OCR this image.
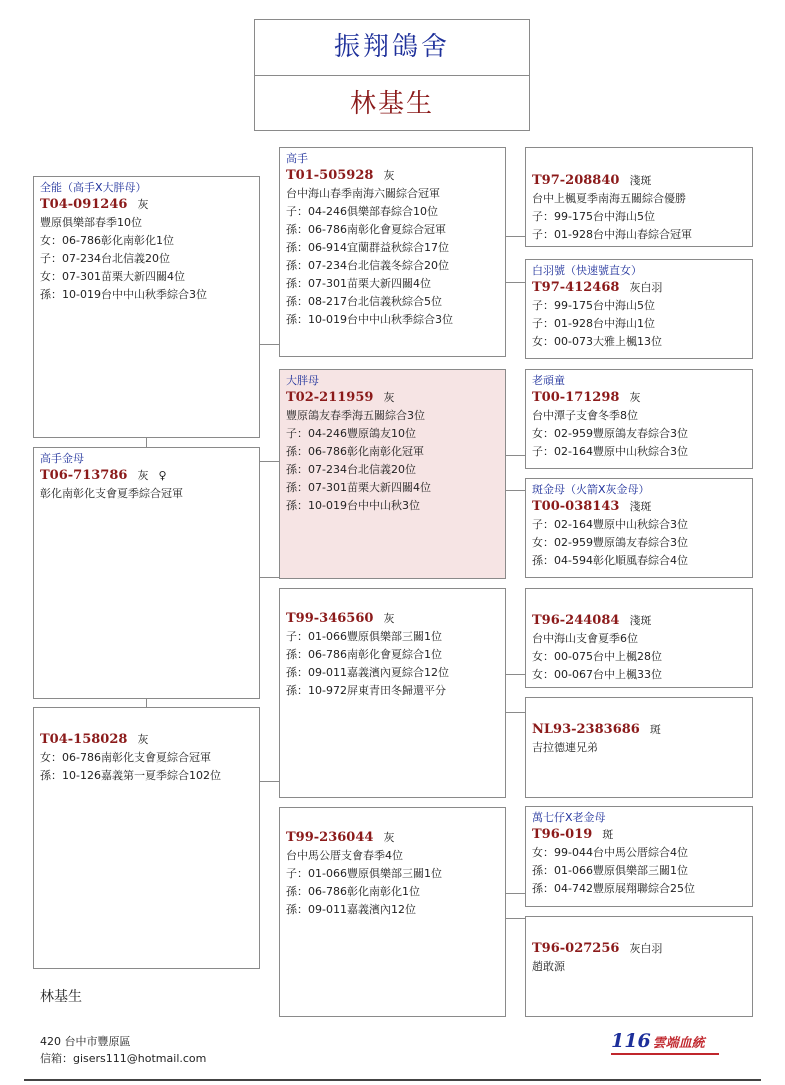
振翔鴿舍
林基生
全能（高手X大胖母）
T04-091246 灰
豐原俱樂部春季10位
女：06-786彰化南彰化1位
子：07-234台北信義20位
女：07-301苗栗大新四關4位
孫：10-019台中中山秋季綜合3位
高手
T01-505928 灰
台中海山春季南海六關綜合冠軍
子：04-246俱樂部春綜合10位
孫：06-786南彰化會夏綜合冠軍
孫：06-914宜蘭群益秋綜合17位
孫：07-234台北信義冬綜合20位
孫：07-301苗栗大新四關4位
孫：08-217台北信義秋綜合5位
孫：10-019台中中山秋季綜合3位
大胖母
T02-211959 灰
豐原鴿友春季海五關綜合3位
子：04-246豐原鴿友10位
孫：06-786彰化南彰化冠軍
孫：07-234台北信義20位
孫：07-301苗栗大新四關4位
孫：10-019台中中山秋3位
T97-208840 淺斑
台中上楓夏季南海五關綜合優勝
子：99-175台中海山5位
子：01-928台中海山春綜合冠軍
白羽號（快速號直女）
T97-412468 灰白羽
子：99-175台中海山5位
子：01-928台中海山1位
女：00-073大雅上楓13位
老頑童
T00-171298 灰
台中潭子支會冬季8位
女：02-959豐原鴿友春綜合3位
子：02-164豐原中山秋綜合3位
斑金母（火箭X灰金母）
T00-038143 淺斑
子：02-164豐原中山秋綜合3位
女：02-959豐原鴿友春綜合3位
孫：04-594彰化順風春綜合4位
高手金母
T06-713786 灰 ♀
彰化南彰化支會夏季綜合冠軍
T99-346560 灰
子：01-066豐原俱樂部三關1位
孫：06-786南彰化會夏綜合1位
孫：09-011嘉義濱內夏綜合12位
孫：10-972屏東青田冬歸還平分
T96-244084 淺斑
台中海山支會夏季6位
女：00-075台中上楓28位
女：00-067台中上楓33位
NL93-2383686 斑
吉拉德連兄弟
T04-158028 灰
女：06-786南彰化支會夏綜合冠軍
孫：10-126嘉義第一夏季綜合102位
T99-236044 灰
台中馬公厝支會春季4位
子：01-066豐原俱樂部三關1位
孫：06-786彰化南彰化1位
孫：09-011嘉義濱內12位
萬七仔X老金母
T96-019 斑
女：99-044台中馬公厝綜合4位
孫：01-066豐原俱樂部三關1位
孫：04-742豐原展翔聯綜合25位
T96-027256 灰白羽
趙敢源
林基生
420 台中市豐原區
信箱：gisers111@hotmail.com
116 雲端血統
